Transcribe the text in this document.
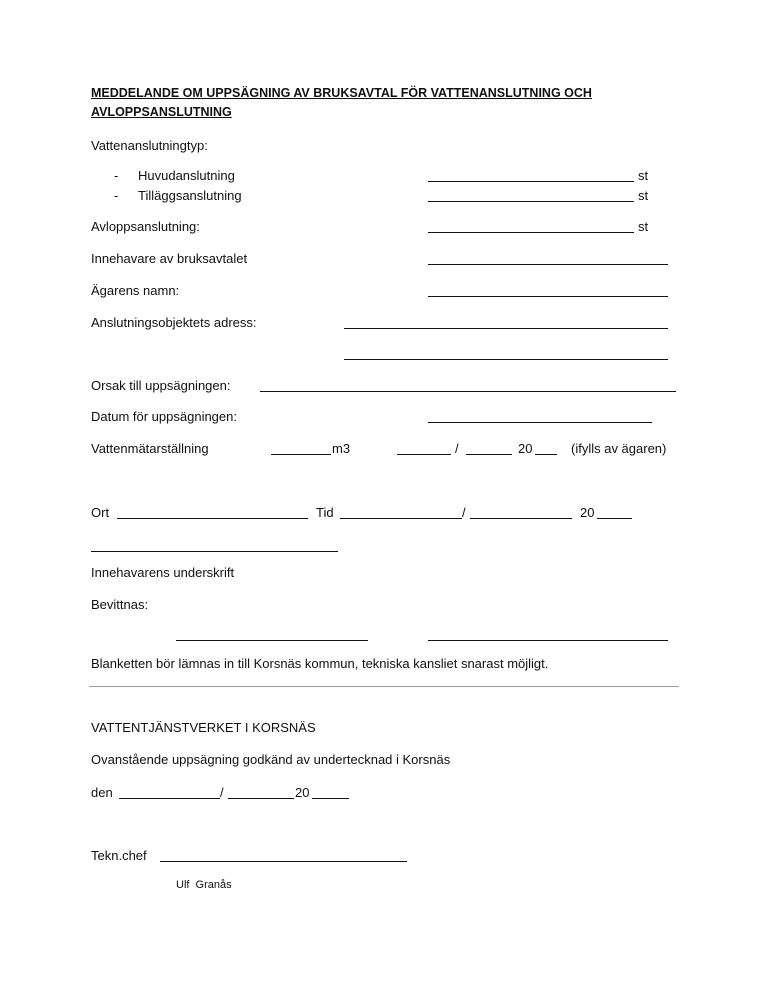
MEDDELANDE OM UPPSÄGNING AV BRUKSAVTAL FÖR VATTENANSLUTNING OCH
AVLOPPSANSLUTNING
Vattenanslutningtyp:
- Huvudanslutning	st
- Tilläggsanslutning	st
Avloppsanslutning:	st
Innehavare av bruksavtalet
Ägarens namn:
Anslutningsobjektets adress:
Orsak till uppsägningen:
Datum för uppsägningen:
Vattenmätarställning	m3	/	20	(ifylls av ägaren)
Ort	Tid	/	20
Innehavarens underskrift
Bevittnas:
Blanketten bör lämnas in till Korsnäs kommun, tekniska kansliet snarast möjligt.
VATTENTJÄNSTVERKET I KORSNÄS
Ovanstående uppsägning godkänd av undertecknad i Korsnäs
den	/	20
Tekn.chef
Ulf  Granås
